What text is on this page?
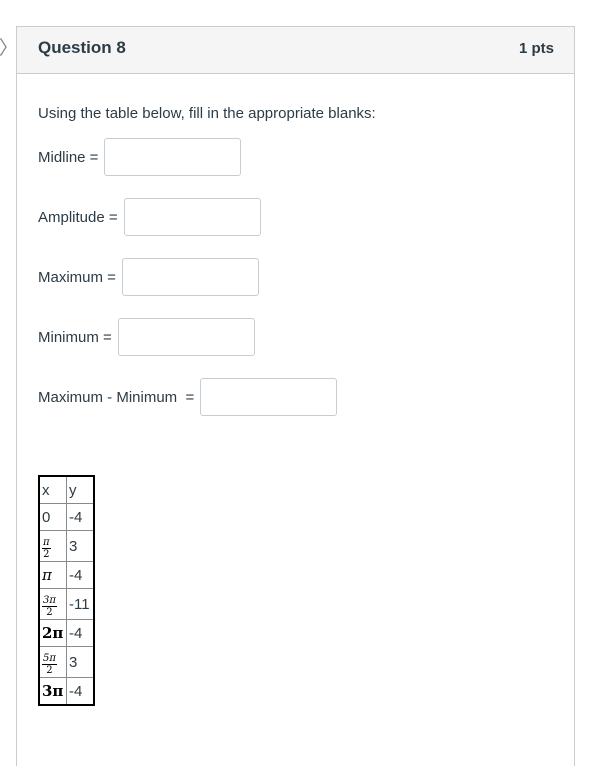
Question 8	1 pts
Using the table below, fill in the appropriate blanks:
Midline =
Amplitude =
Maximum =
Minimum =
Maximum - Minimum  =
x	y
0	-4

$\frac{\pi}{2}$	3
π	-4

$\frac{3\pi}{2}$	-11
2π	-4

$\frac{5\pi}{2}$	3
3π	-4
